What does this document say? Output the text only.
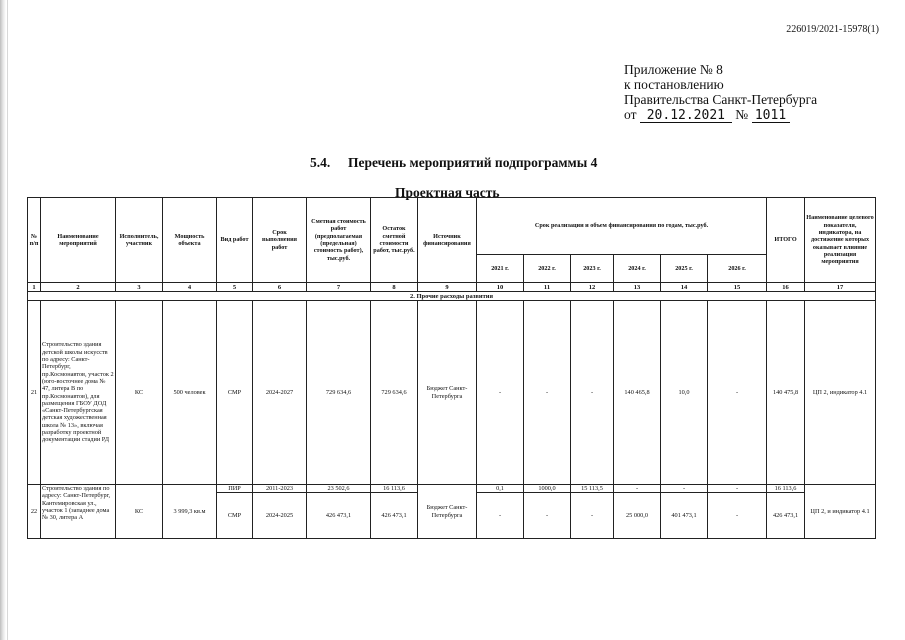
226019/2021-15978(1)
Приложение № 8
к постановлению
Правительства Санкт-Петербурга
от 20.12.2021 № 1011
5.4. Перечень мероприятий подпрограммы 4
Проектная часть
№ п/п	Наименование мероприятий	Исполнитель, участник	Мощность объекта	Вид работ	Срок выполнения работ	Сметная стоимость работ (предполагаемая (предельная) стоимость работ), тыс.руб.	Остаток сметной стоимости работ, тыс.руб.	Источник финансирования	Срок реализации и объем финансирования по годам, тыс.руб.						ИТОГО	Наименование целевого показателя, индикатора, на достижение которых оказывает влияние реализация мероприятия
									2021 г.	2022 г.	2023 г.	2024 г.	2025 г.	2026 г.		
1	2	3	4	5	6	7	8	9	10	11	12	13	14	15	16	17
2. Прочие расходы развития																
21	Строительство здания детской школы искусств по адресу: Санкт-Петербург, пр.Космонавтов, участок 2 (юго-восточнее дома № 47, литера В по пр.Космонавтов), для размещения ГБОУ ДОД «Санкт-Петербургская детская художественная школа № 13», включая разработку проектной документации стадии РД	КС	500 человек	СМР	2024-2027	729 634,6	729 634,6	Бюджет Санкт-Петербурга	-	-	-	140 465,8	10,0	-	140 475,8	ЦП 2, индикатор 4.1
22	Строительство здания по адресу: Санкт-Петербург, Кантемировская ул., участок 1 (западнее дома № 30, литера А	КС	3 999,3 кв.м	ПИР	2011-2023	23 502,6	16 113,6	Бюджет Санкт-Петербурга	0,1	1000,0	15 113,5	-	-	-	16 113,6	ЦП 2, и индикатор 4.1
				СМР	2024-2025	426 473,1	426 473,1		-	-	-	25 000,0	401 473,1	-	426 473,1	
